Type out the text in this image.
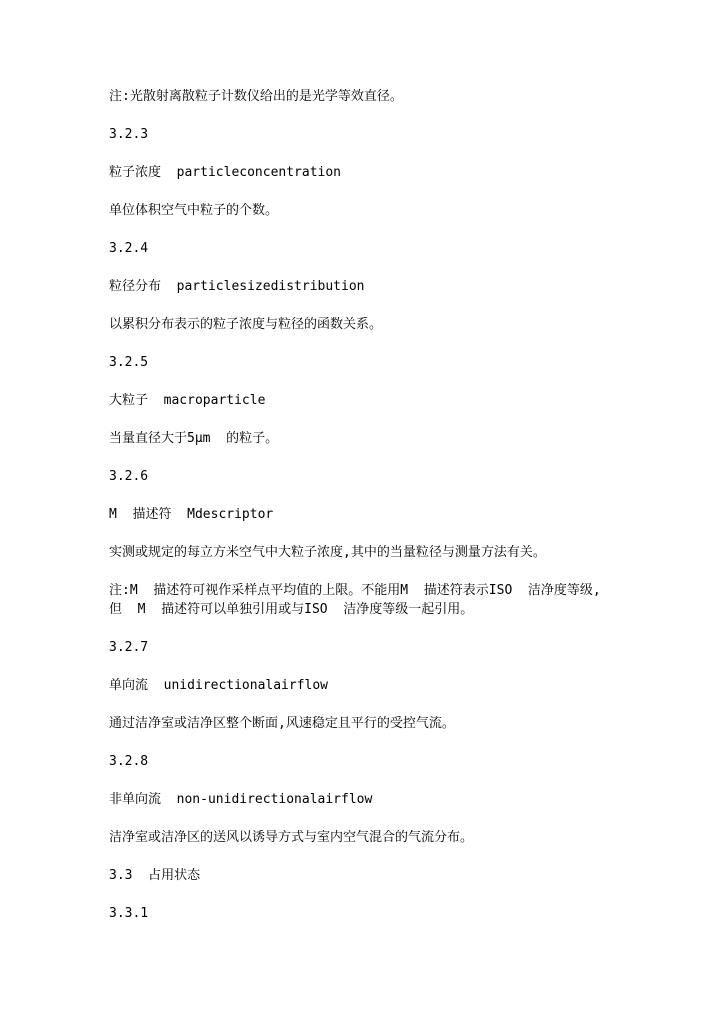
注:光散射离散粒子计数仪给出的是光学等效直径。
3.2.3
粒子浓度  particleconcentration
单位体积空气中粒子的个数。
3.2.4
粒径分布  particlesizedistribution
以累积分布表示的粒子浓度与粒径的函数关系。
3.2.5
大粒子  macroparticle
当量直径大于5μm  的粒子。
3.2.6
M  描述符  Mdescriptor
实测或规定的每立方米空气中大粒子浓度,其中的当量粒径与测量方法有关。
注:M  描述符可视作采样点平均值的上限。不能用M  描述符表示ISO  洁净度等级,
但  M  描述符可以单独引用或与ISO  洁净度等级一起引用。
3.2.7
单向流  unidirectionalairflow
通过洁净室或洁净区整个断面,风速稳定且平行的受控气流。
3.2.8
非单向流  non-unidirectionalairflow
洁净室或洁净区的送风以诱导方式与室内空气混合的气流分布。
3.3  占用状态
3.3.1
